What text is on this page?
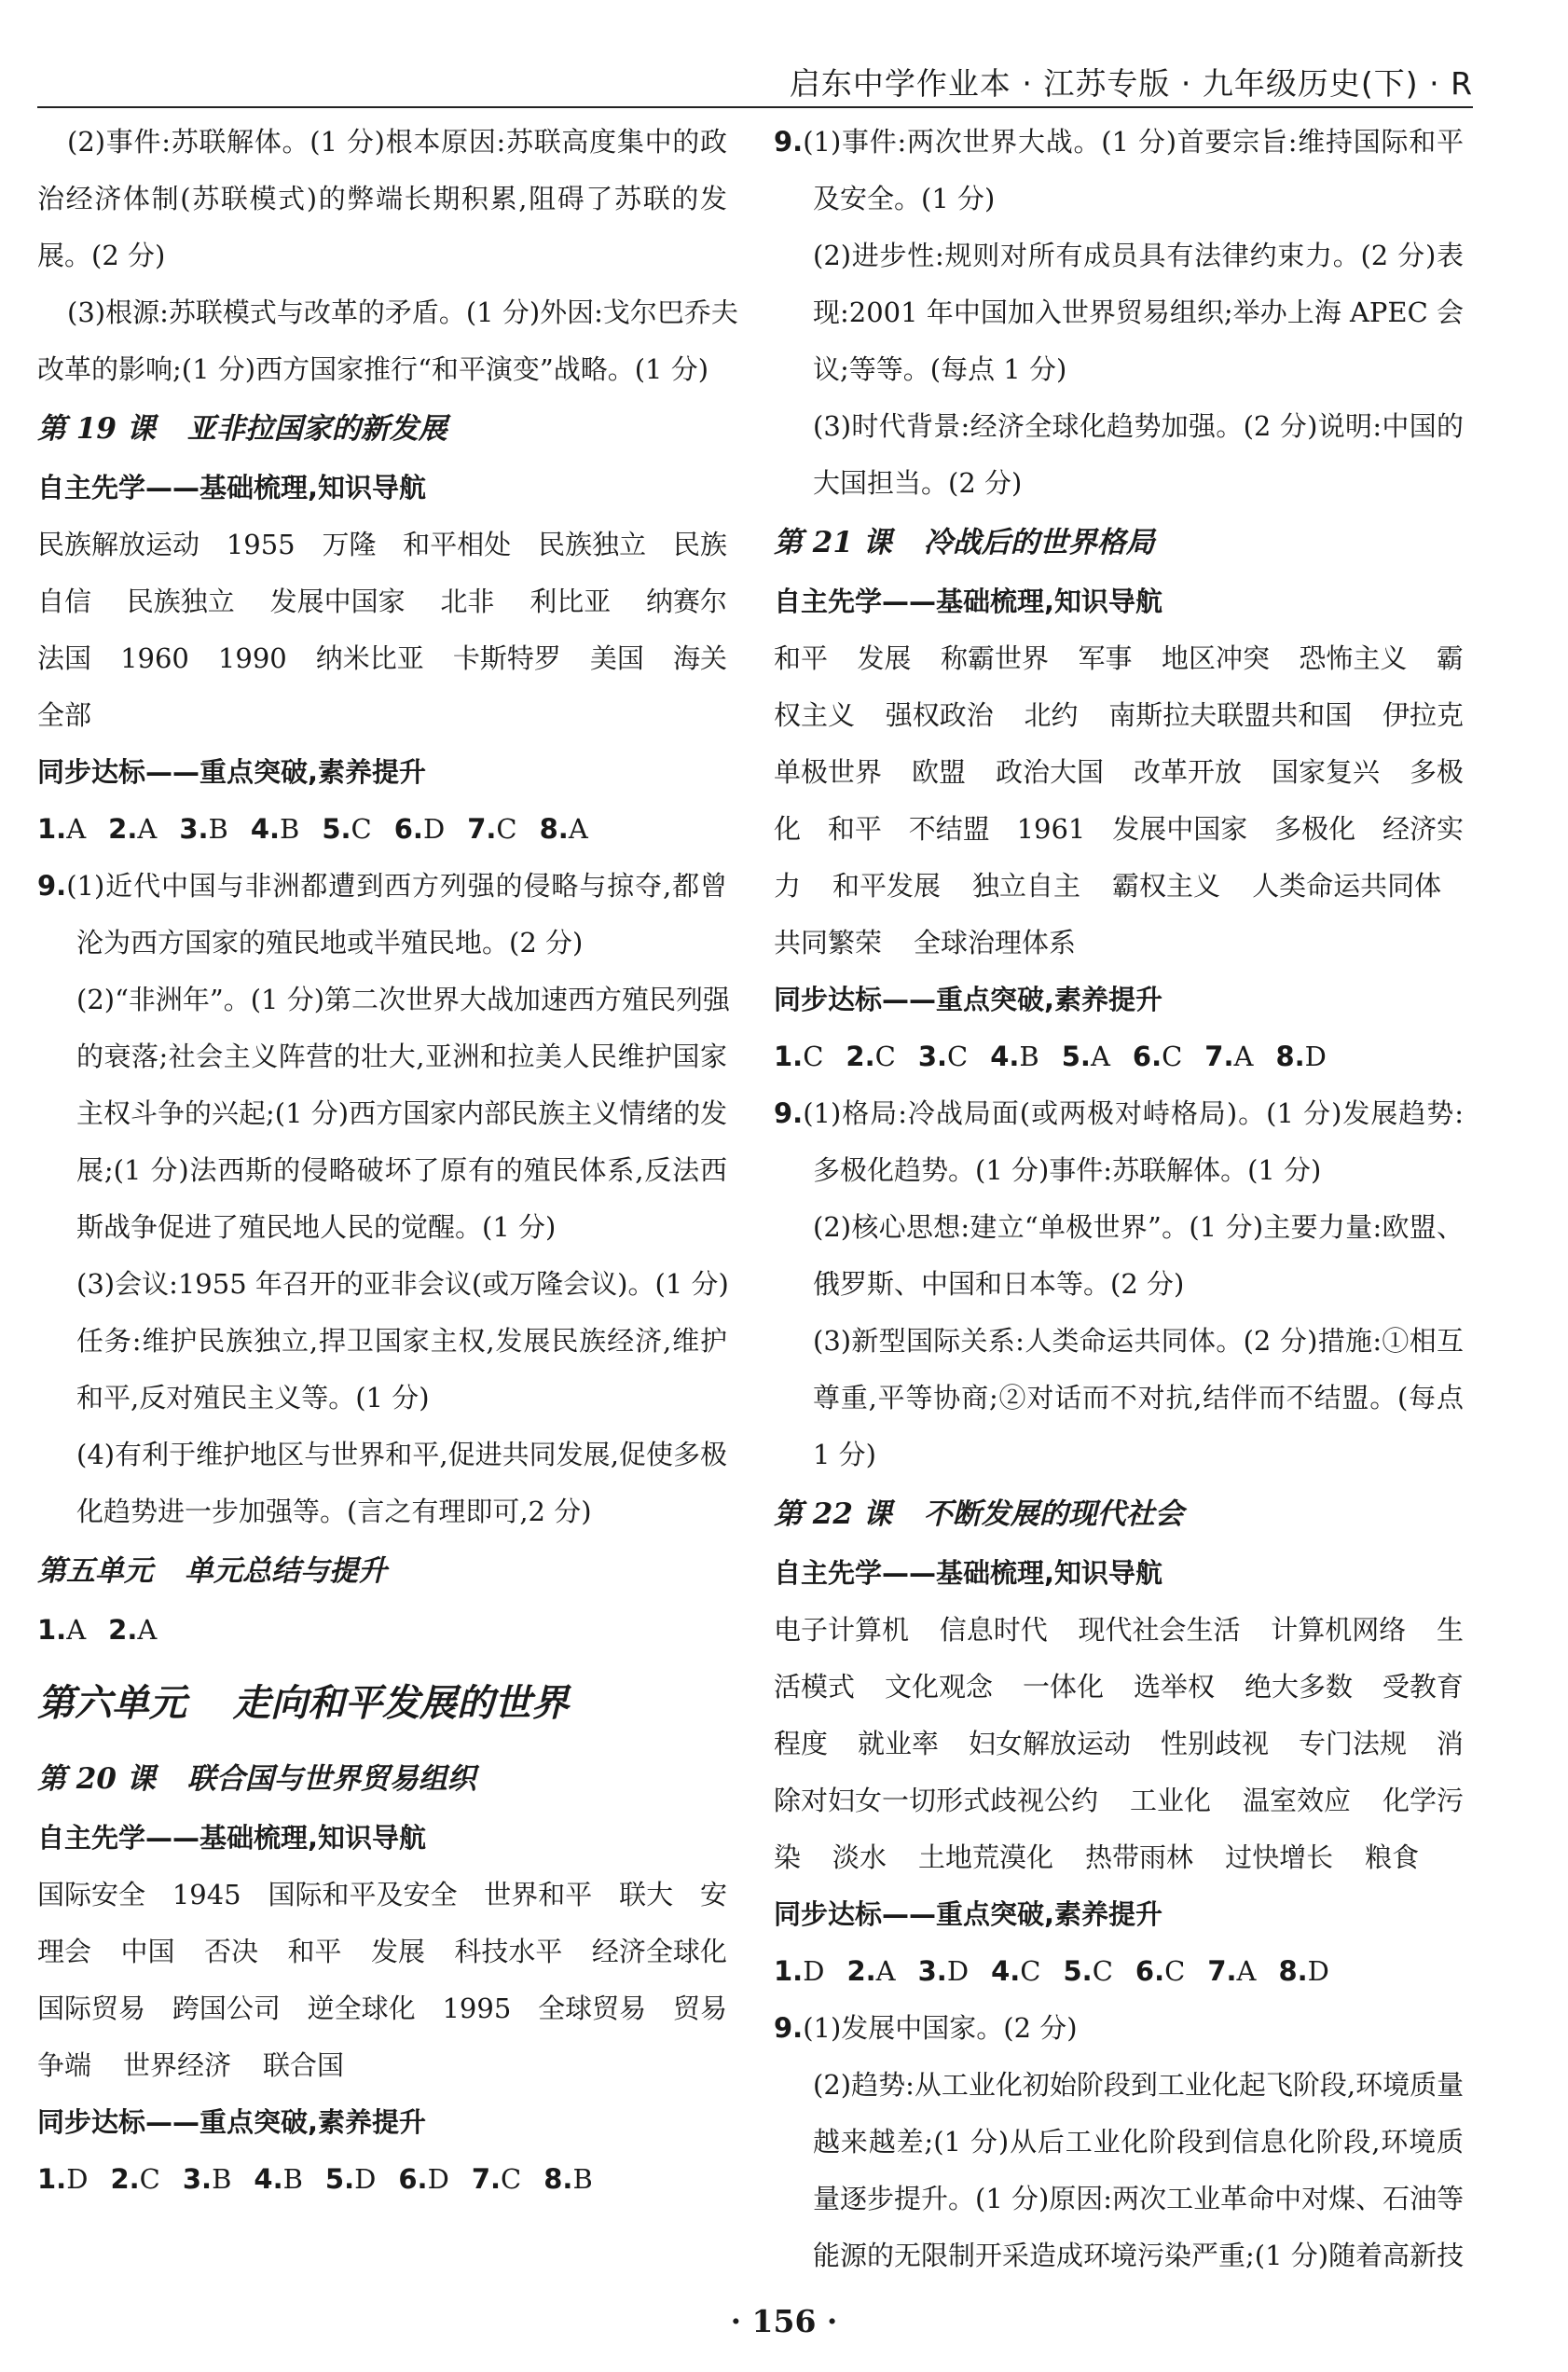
启东中学作业本 · 江苏专版 · 九年级历史(下) · R
(2)事件:苏联解体。(1 分)根本原因:苏联高度集中的政
治经济体制(苏联模式)的弊端长期积累,阻碍了苏联的发
展。(2 分)
(3)根源:苏联模式与改革的矛盾。(1 分)外因:戈尔巴乔夫
改革的影响;(1 分)西方国家推行“和平演变”战略。(1 分)
第 19 课 亚非拉国家的新发展
自主先学——基础梳理,知识导航
民族解放运动 1955 万隆 和平相处 民族独立 民族
自信 民族独立 发展中国家 北非 利比亚 纳赛尔
法国 1960 1990 纳米比亚 卡斯特罗 美国 海关
全部
同步达标——重点突破,素养提升
1.A 2.A 3.B 4.B 5.C 6.D 7.C 8.A
9.(1)近代中国与非洲都遭到西方列强的侵略与掠夺,都曾
沦为西方国家的殖民地或半殖民地。(2 分)
(2)“非洲年”。(1 分)第二次世界大战加速西方殖民列强
的衰落;社会主义阵营的壮大,亚洲和拉美人民维护国家
主权斗争的兴起;(1 分)西方国家内部民族主义情绪的发
展;(1 分)法西斯的侵略破坏了原有的殖民体系,反法西
斯战争促进了殖民地人民的觉醒。(1 分)
(3)会议:1955 年召开的亚非会议(或万隆会议)。(1 分)
任务:维护民族独立,捍卫国家主权,发展民族经济,维护
和平,反对殖民主义等。(1 分)
(4)有利于维护地区与世界和平,促进共同发展,促使多极
化趋势进一步加强等。(言之有理即可,2 分)
第五单元 单元总结与提升
1.A 2.A
第六单元 走向和平发展的世界
第 20 课 联合国与世界贸易组织
自主先学——基础梳理,知识导航
国际安全 1945 国际和平及安全 世界和平 联大 安
理会 中国 否决 和平 发展 科技水平 经济全球化
国际贸易 跨国公司 逆全球化 1995 全球贸易 贸易
争端 世界经济 联合国
同步达标——重点突破,素养提升
1.D 2.C 3.B 4.B 5.D 6.D 7.C 8.B
9.(1)事件:两次世界大战。(1 分)首要宗旨:维持国际和平
及安全。(1 分)
(2)进步性:规则对所有成员具有法律约束力。(2 分)表
现:2001 年中国加入世界贸易组织;举办上海 APEC 会
议;等等。(每点 1 分)
(3)时代背景:经济全球化趋势加强。(2 分)说明:中国的
大国担当。(2 分)
第 21 课 冷战后的世界格局
自主先学——基础梳理,知识导航
和平 发展 称霸世界 军事 地区冲突 恐怖主义 霸
权主义 强权政治 北约 南斯拉夫联盟共和国 伊拉克
单极世界 欧盟 政治大国 改革开放 国家复兴 多极
化 和平 不结盟 1961 发展中国家 多极化 经济实
力 和平发展 独立自主 霸权主义 人类命运共同体
共同繁荣 全球治理体系
同步达标——重点突破,素养提升
1.C 2.C 3.C 4.B 5.A 6.C 7.A 8.D
9.(1)格局:冷战局面(或两极对峙格局)。(1 分)发展趋势:
多极化趋势。(1 分)事件:苏联解体。(1 分)
(2)核心思想:建立“单极世界”。(1 分)主要力量:欧盟、
俄罗斯、中国和日本等。(2 分)
(3)新型国际关系:人类命运共同体。(2 分)措施:①相互
尊重,平等协商;②对话而不对抗,结伴而不结盟。(每点
1 分)
第 22 课 不断发展的现代社会
自主先学——基础梳理,知识导航
电子计算机 信息时代 现代社会生活 计算机网络 生
活模式 文化观念 一体化 选举权 绝大多数 受教育
程度 就业率 妇女解放运动 性别歧视 专门法规 消
除对妇女一切形式歧视公约 工业化 温室效应 化学污
染 淡水 土地荒漠化 热带雨林 过快增长 粮食
同步达标——重点突破,素养提升
1.D 2.A 3.D 4.C 5.C 6.C 7.A 8.D
9.(1)发展中国家。(2 分)
(2)趋势:从工业化初始阶段到工业化起飞阶段,环境质量
越来越差;(1 分)从后工业化阶段到信息化阶段,环境质
量逐步提升。(1 分)原因:两次工业革命中对煤、石油等
能源的无限制开采造成环境污染严重;(1 分)随着高新技
· 156 ·
